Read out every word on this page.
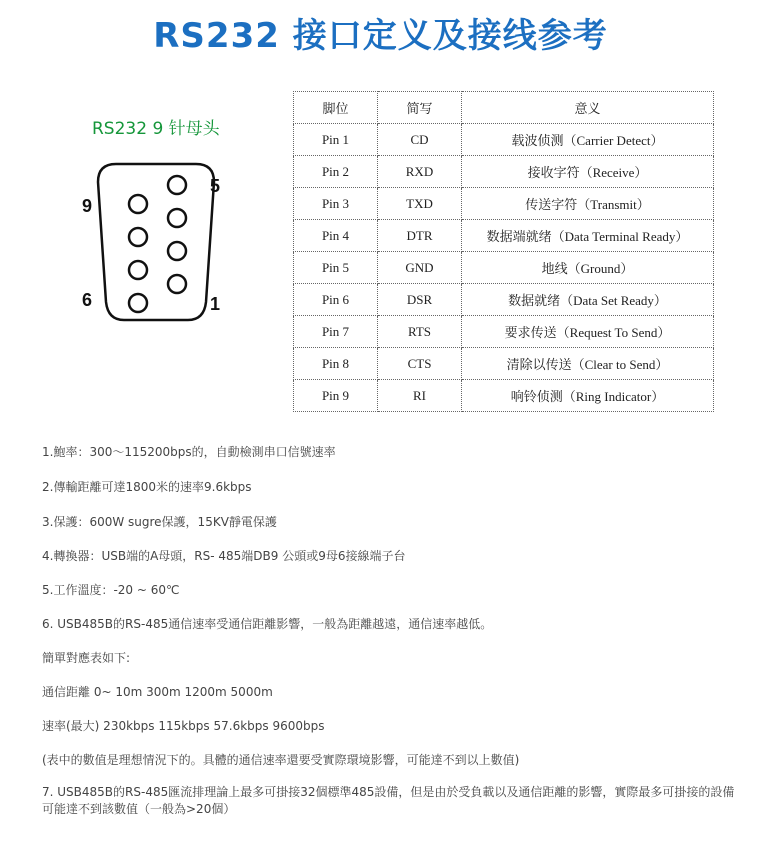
RS232 接口定义及接线参考
RS232 9 针母头
9
5
6	1
脚位	简写	意义
Pin 1	CD	载波侦测（Carrier Detect）
Pin 2	RXD	接收字符（Receive）
Pin 3	TXD	传送字符（Transmit）
Pin 4	DTR	数据端就绪（Data Terminal Ready）
Pin 5	GND	地线（Ground）
Pin 6	DSR	数据就绪（Data Set Ready）
Pin 7	RTS	要求传送（Request To Send）
Pin 8	CTS	清除以传送（Clear to Send）
Pin 9	RI	响铃侦测（Ring Indicator）
1.鮑率：300～115200bps的，自動檢測串口信號速率
2.傳輸距離可達1800米的速率9.6kbps
3.保護：600W sugre保護，15KV靜電保護
4.轉換器：USB端的A母頭，RS- 485端DB9 公頭或9母6接線端子台
5.工作溫度：-20 ~ 60℃
6. USB485B的RS-485通信速率受通信距離影響，一般為距離越遠，通信速率越低。
簡單對應表如下:
通信距離 0~ 10m 300m 1200m 5000m
速率(最大) 230kbps 115kbps 57.6kbps 9600bps
(表中的數值是理想情況下的。具體的通信速率還要受實際環境影響，可能達不到以上數值)
7. USB485B的RS-485匯流排理論上最多可掛接32個標準485設備，但是由於受負載以及通信距離的影響，實際最多可掛接的設備可能達不到該數值（一般為>20個）
